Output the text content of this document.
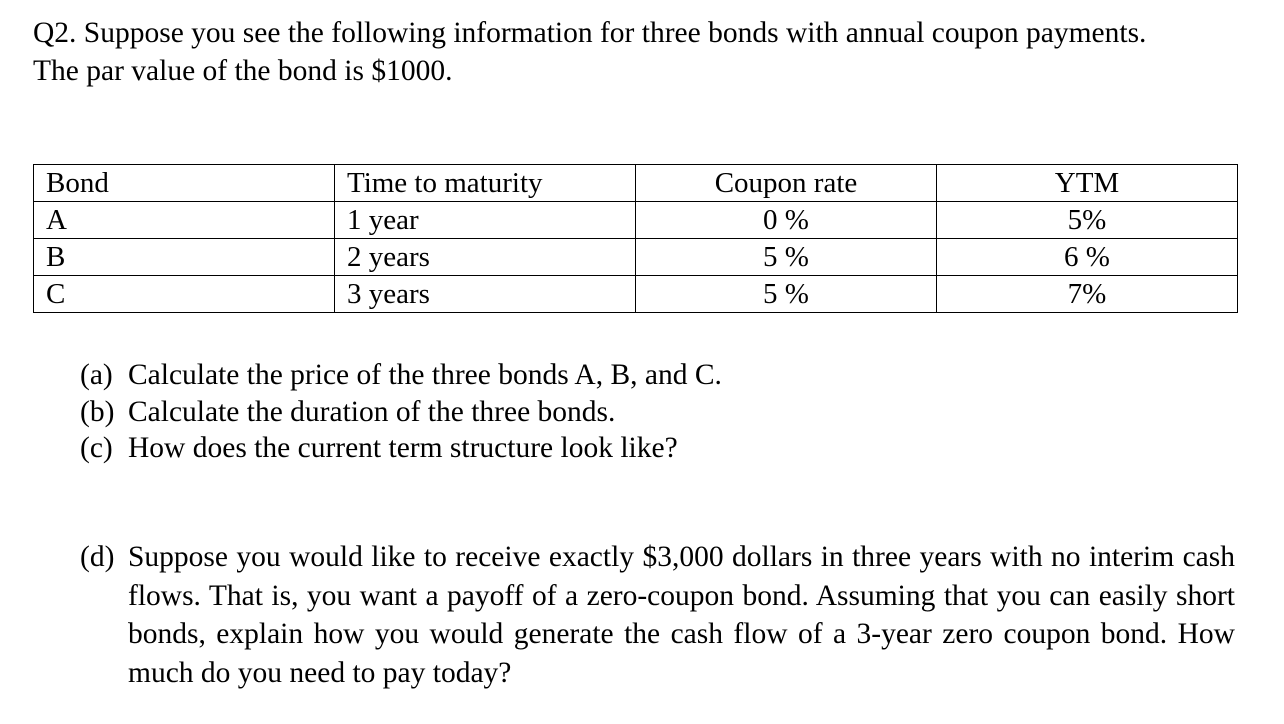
Q2. Suppose you see the following information for three bonds with annual coupon payments.
The par value of the bond is $1000.
Bond	Time to maturity	Coupon rate	YTM
A	1 year	0 %	5%
B	2 years	5 %	6 %
C	3 years	5 %	7%
(a) Calculate the price of the three bonds A, B, and C.
(b) Calculate the duration of the three bonds.
(c) How does the current term structure look like?
(d) Suppose you would like to receive exactly $3,000 dollars in three years with no interim cash flows. That is, you want a payoff of a zero-coupon bond. Assuming that you can easily short bonds, explain how you would generate the cash flow of a 3-year zero coupon bond. How much do you need to pay today?
